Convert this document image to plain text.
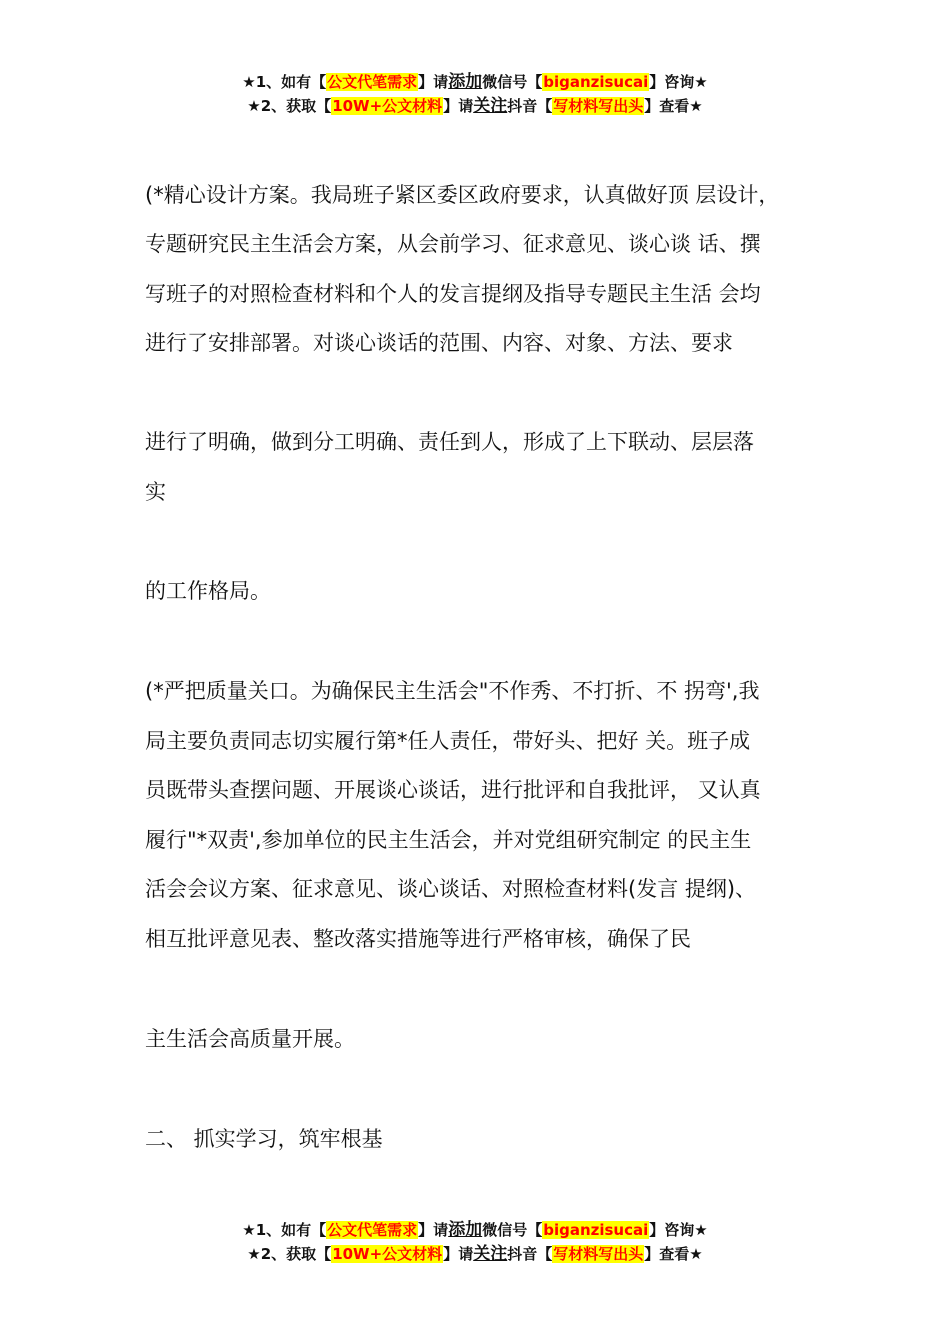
★1、如有【公文代笔需求】请添加微信号【biganzisucai】咨询★
★2、获取【10W+公文材料】请关注抖音【写材料写出头】查看★
(*精心设计方案。我局班子紧区委区政府要求，认真做好顶 层设计，
专题研究民主生活会方案，从会前学习、征求意见、谈心谈 话、撰
写班子的对照检查材料和个人的发言提纲及指导专题民主生活 会均
进行了安排部署。对谈心谈话的范围、内容、对象、方法、要求
进行了明确，做到分工明确、责任到人，形成了上下联动、层层落
实
的工作格局。
(*严把质量关口。为确保民主生活会"不作秀、不打折、不 拐弯',我
局主要负责同志切实履行第*任人责任，带好头、把好 关。班子成
员既带头查摆问题、开展谈心谈话，进行批评和自我批评， 又认真
履行"*双责',参加单位的民主生活会，并对党组研究制定 的民主生
活会会议方案、征求意见、谈心谈话、对照检查材料(发言 提纲)、
相互批评意见表、整改落实措施等进行严格审核，确保了民
主生活会高质量开展。
二、 抓实学习，筑牢根基
★1、如有【公文代笔需求】请添加微信号【biganzisucai】咨询★
★2、获取【10W+公文材料】请关注抖音【写材料写出头】查看★
